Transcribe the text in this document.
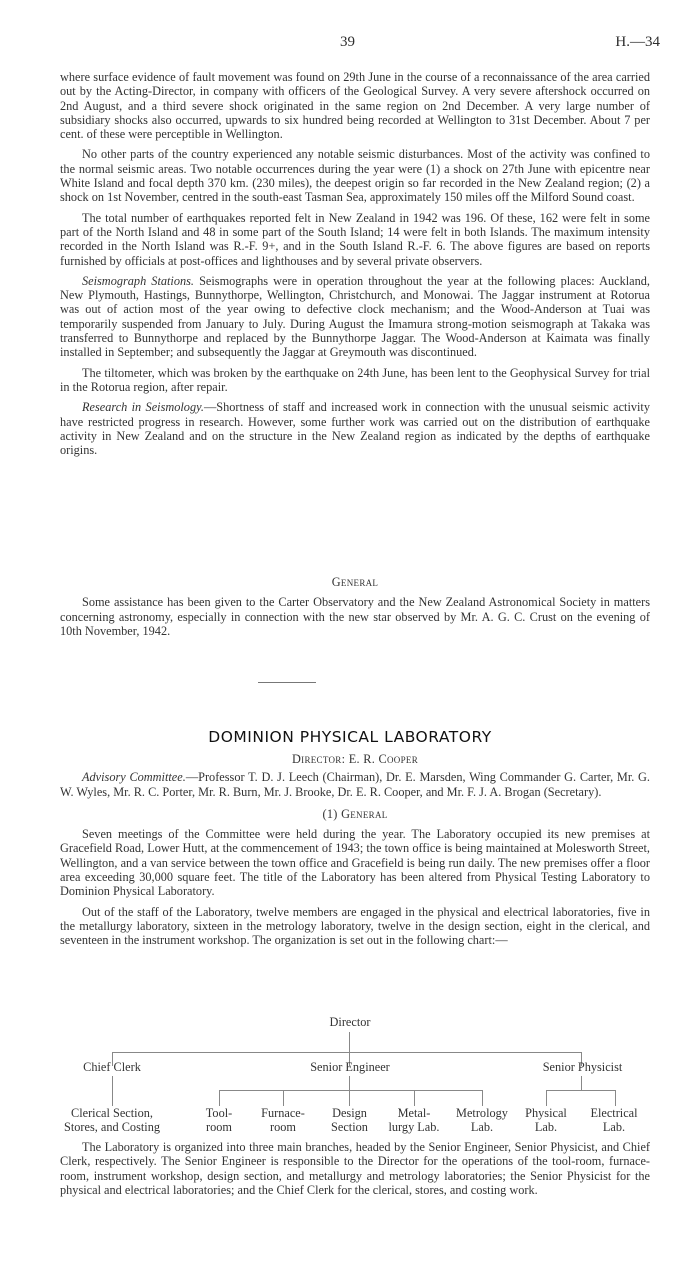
39	H.—34

where surface evidence of fault movement was found on 29th June in the course of a reconnaissance of the area carried out by the Acting-Director, in company with officers of the Geological Survey. A very severe aftershock occurred on 2nd August, and a third severe shock originated in the same region on 2nd December. A very large number of subsidiary shocks also occurred, upwards to six hundred being recorded at Wellington to 31st December. About 7 per cent. of these were perceptible in Wellington.

No other parts of the country experienced any notable seismic disturbances. Most of the activity was confined to the normal seismic areas. Two notable occurrences during the year were (1) a shock on 27th June with epicentre near White Island and focal depth 370 km. (230 miles), the deepest origin so far recorded in the New Zealand region; (2) a shock on 1st November, centred in the south-east Tasman Sea, approximately 150 miles off the Milford Sound coast.

The total number of earthquakes reported felt in New Zealand in 1942 was 196. Of these, 162 were felt in some part of the North Island and 48 in some part of the South Island; 14 were felt in both Islands. The maximum intensity recorded in the North Island was R.-F. 9+, and in the South Island R.-F. 6. The above figures are based on reports furnished by officials at post-offices and lighthouses and by several private observers.

Seismograph Stations. Seismographs were in operation throughout the year at the following places: Auckland, New Plymouth, Hastings, Bunnythorpe, Wellington, Christchurch, and Monowai. The Jaggar instrument at Rotorua was out of action most of the year owing to defective clock mechanism; and the Wood-Anderson at Tuai was temporarily suspended from January to July. During August the Imamura strong-motion seismograph at Takaka was transferred to Bunnythorpe and replaced by the Bunnythorpe Jaggar. The Wood-Anderson at Kaimata was finally installed in September; and subsequently the Jaggar at Greymouth was discontinued.

The tiltometer, which was broken by the earthquake on 24th June, has been lent to the Geophysical Survey for trial in the Rotorua region, after repair.

Research in Seismology.—Shortness of staff and increased work in connection with the unusual seismic activity have restricted progress in research. However, some further work was carried out on the distribution of earthquake activity in New Zealand and on the structure in the New Zealand region as indicated by the depths of earthquake origins.

General

Some assistance has been given to the Carter Observatory and the New Zealand Astronomical Society in matters concerning astronomy, especially in connection with the new star observed by Mr. A. G. C. Crust on the evening of 10th November, 1942.

DOMINION PHYSICAL LABORATORY

Director: E. R. Cooper

Advisory Committee.—Professor T. D. J. Leech (Chairman), Dr. E. Marsden, Wing Commander G. Carter, Mr. G. W. Wyles, Mr. R. C. Porter, Mr. R. Burn, Mr. J. Brooke, Dr. E. R. Cooper, and Mr. F. J. A. Brogan (Secretary).

(1) General

Seven meetings of the Committee were held during the year. The Laboratory occupied its new premises at Gracefield Road, Lower Hutt, at the commencement of 1943; the town office is being maintained at Molesworth Street, Wellington, and a van service between the town office and Gracefield is being run daily. The new premises offer a floor area exceeding 30,000 square feet. The title of the Laboratory has been altered from Physical Testing Laboratory to Dominion Physical Laboratory.

Out of the staff of the Laboratory, twelve members are engaged in the physical and electrical laboratories, five in the metallurgy laboratory, sixteen in the metrology laboratory, twelve in the design section, eight in the clerical, and seventeen in the instrument workshop. The organization is set out in the following chart:—

Director
Chief Clerk	Senior Engineer	Senior Physicist
Clerical Section,
Stores, and Costing
Tool-
room
Furnace-
room
Design
Section
Metal-
lurgy Lab.
Metrology
Lab.
Physical
Lab.
Electrical
Lab.

The Laboratory is organized into three main branches, headed by the Senior Engineer, Senior Physicist, and Chief Clerk, respectively. The Senior Engineer is responsible to the Director for the operations of the tool-room, furnace-room, instrument workshop, design section, and metallurgy and metrology laboratories; the Senior Physicist for the physical and electrical laboratories; and the Chief Clerk for the clerical, stores, and costing work.
